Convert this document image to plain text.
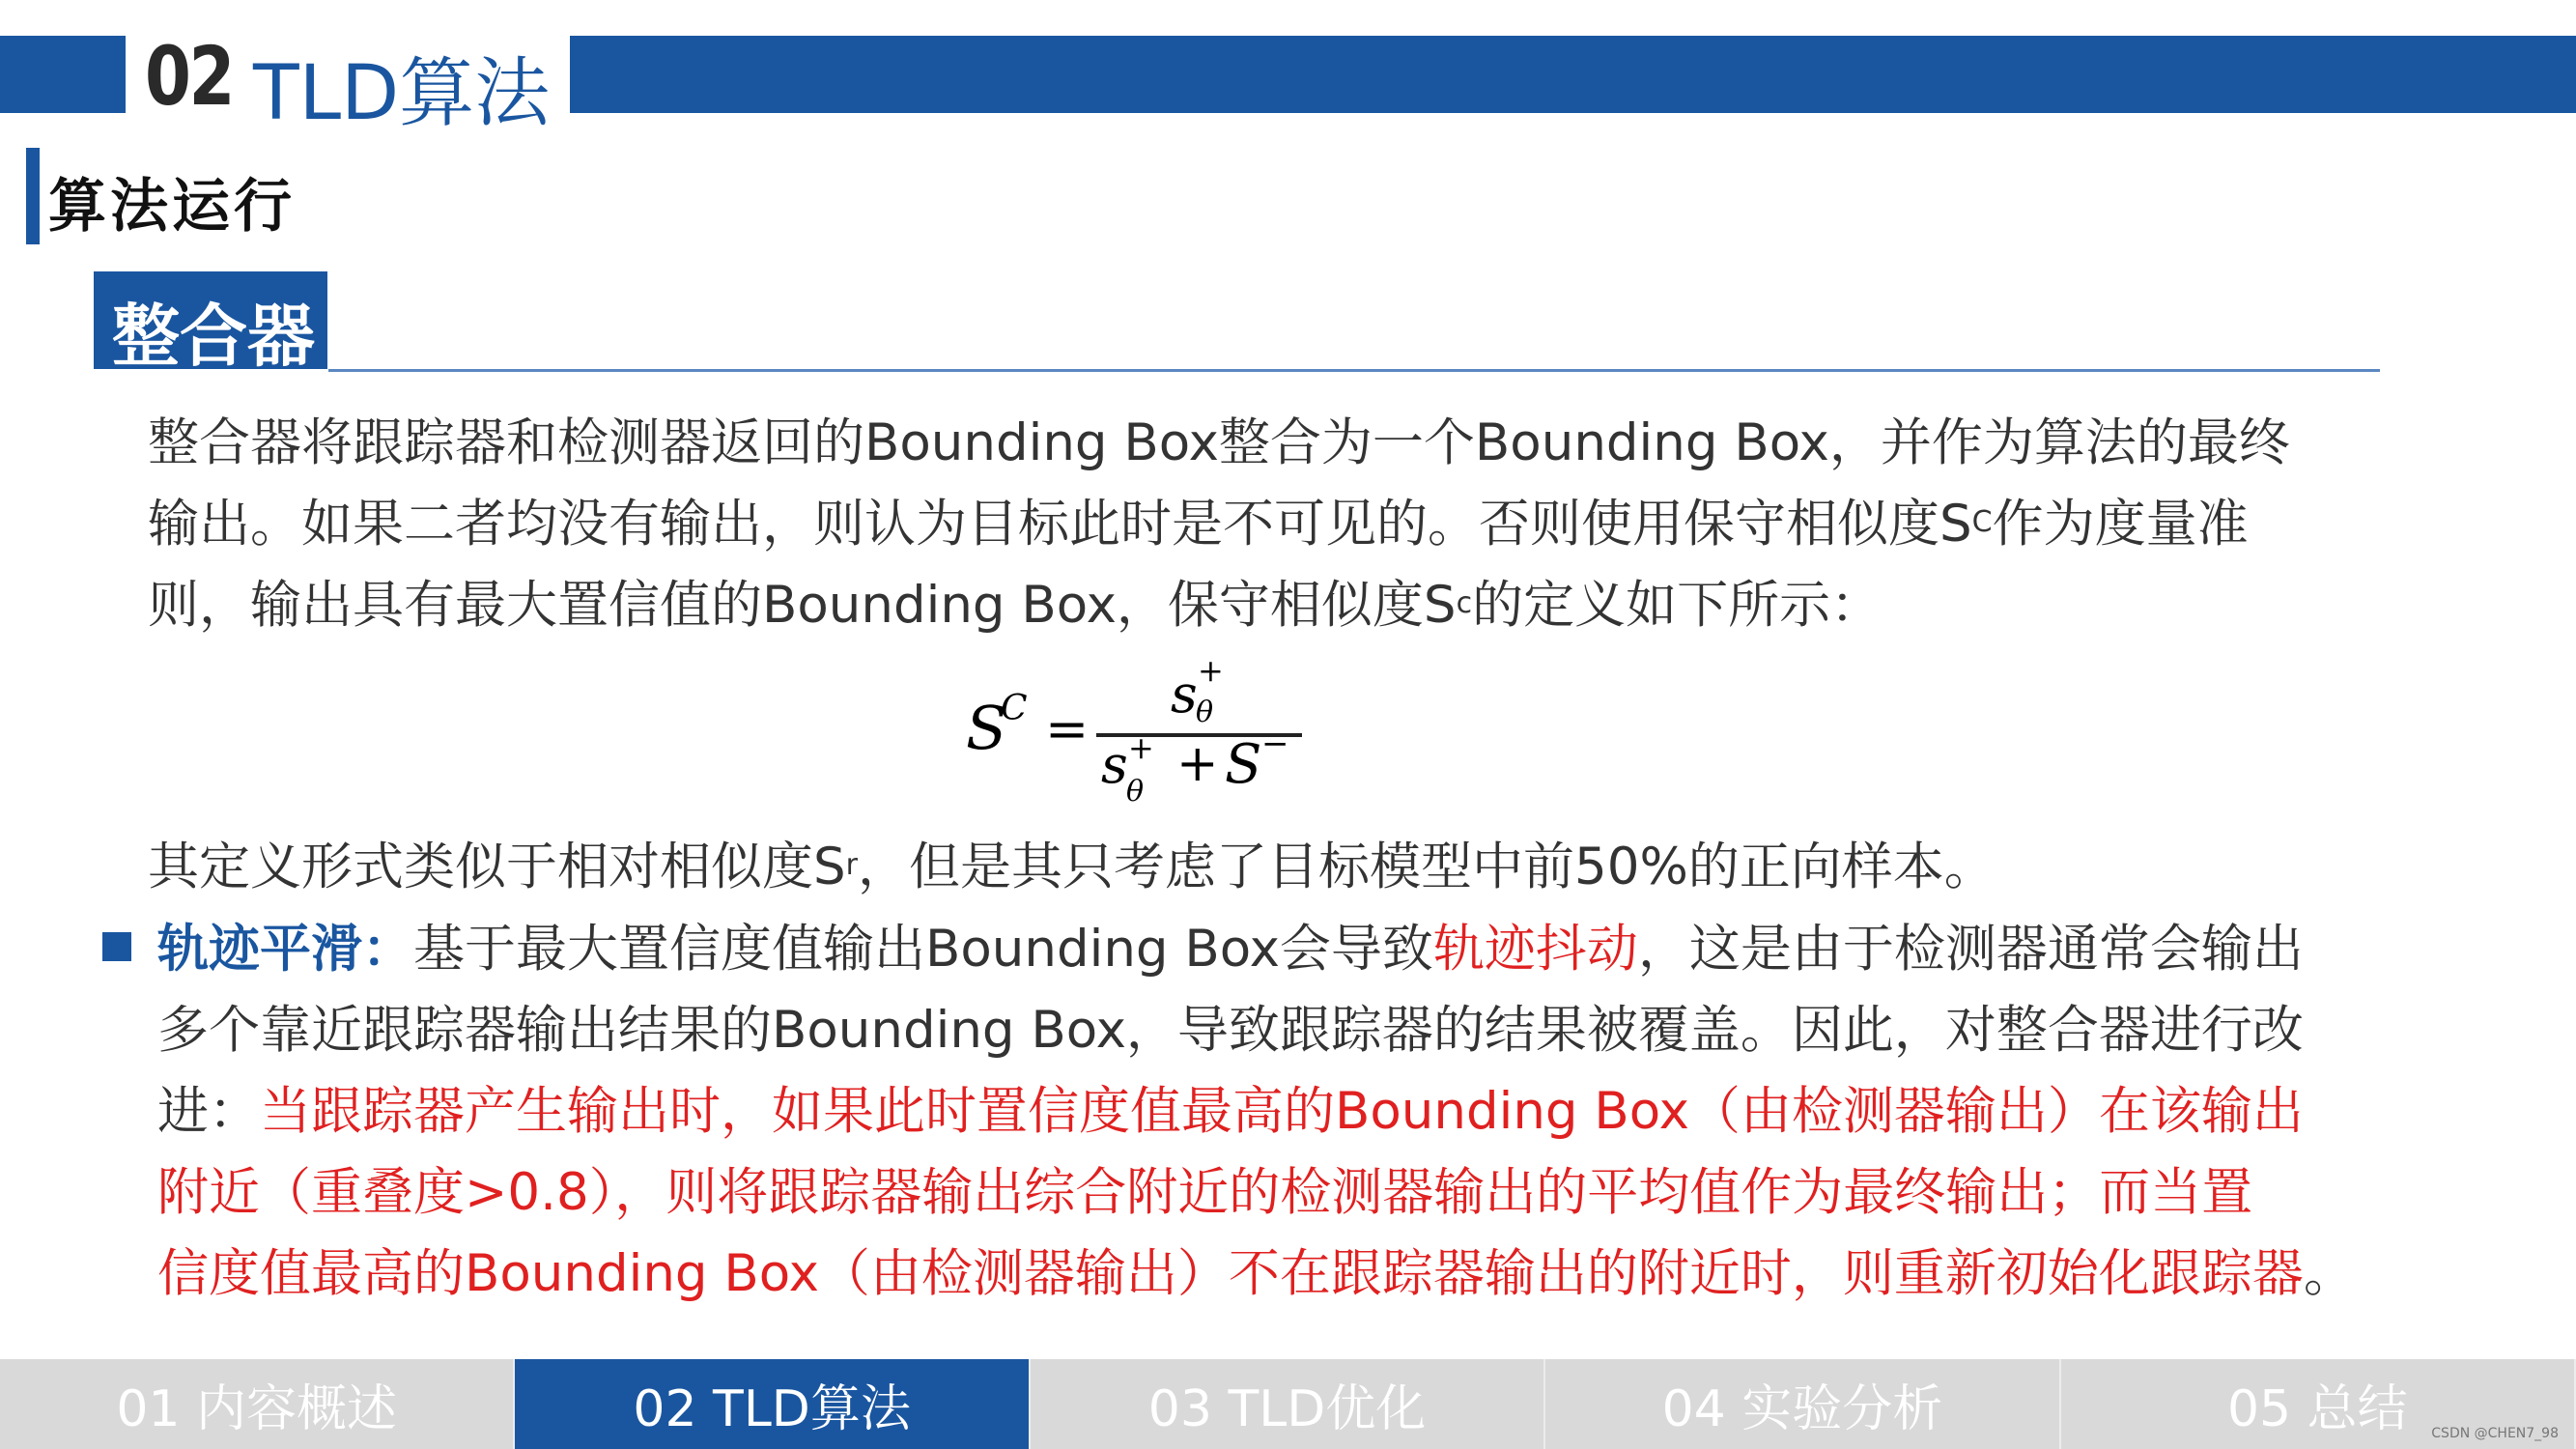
02 TLD算法
算法运行
整合器
整合器将跟踪器和检测器返回的Bounding Box整合为一个Bounding Box，并作为算法的最终
输出。如果二者均没有输出，则认为目标此时是不可见的。否则使用保守相似度$S^C$作为度量准
则，输出具有最大置信值的Bounding Box，保守相似度$S^c$的定义如下所示：
S
C =
s +
θ
s +
θ + S −
其定义形式类似于相对相似度$S^r$，但是其只考虑了目标模型中前50%的正向样本。
轨迹平滑：基于最大置信度值输出Bounding Box会导致轨迹抖动，这是由于检测器通常会输出
多个靠近跟踪器输出结果的Bounding Box，导致跟踪器的结果被覆盖。因此，对整合器进行改
进：当跟踪器产生输出时，如果此时置信度值最高的Bounding Box（由检测器输出）在该输出
附近（重叠度>0.8），则将跟踪器输出综合附近的检测器输出的平均值作为最终输出；而当置
信度值最高的Bounding Box（由检测器输出）不在跟踪器输出的附近时，则重新初始化跟踪器。
01 内容概述	02 TLD算法	03 TLD优化	04 实验分析	05 总结	CSDN @CHEN7_98
